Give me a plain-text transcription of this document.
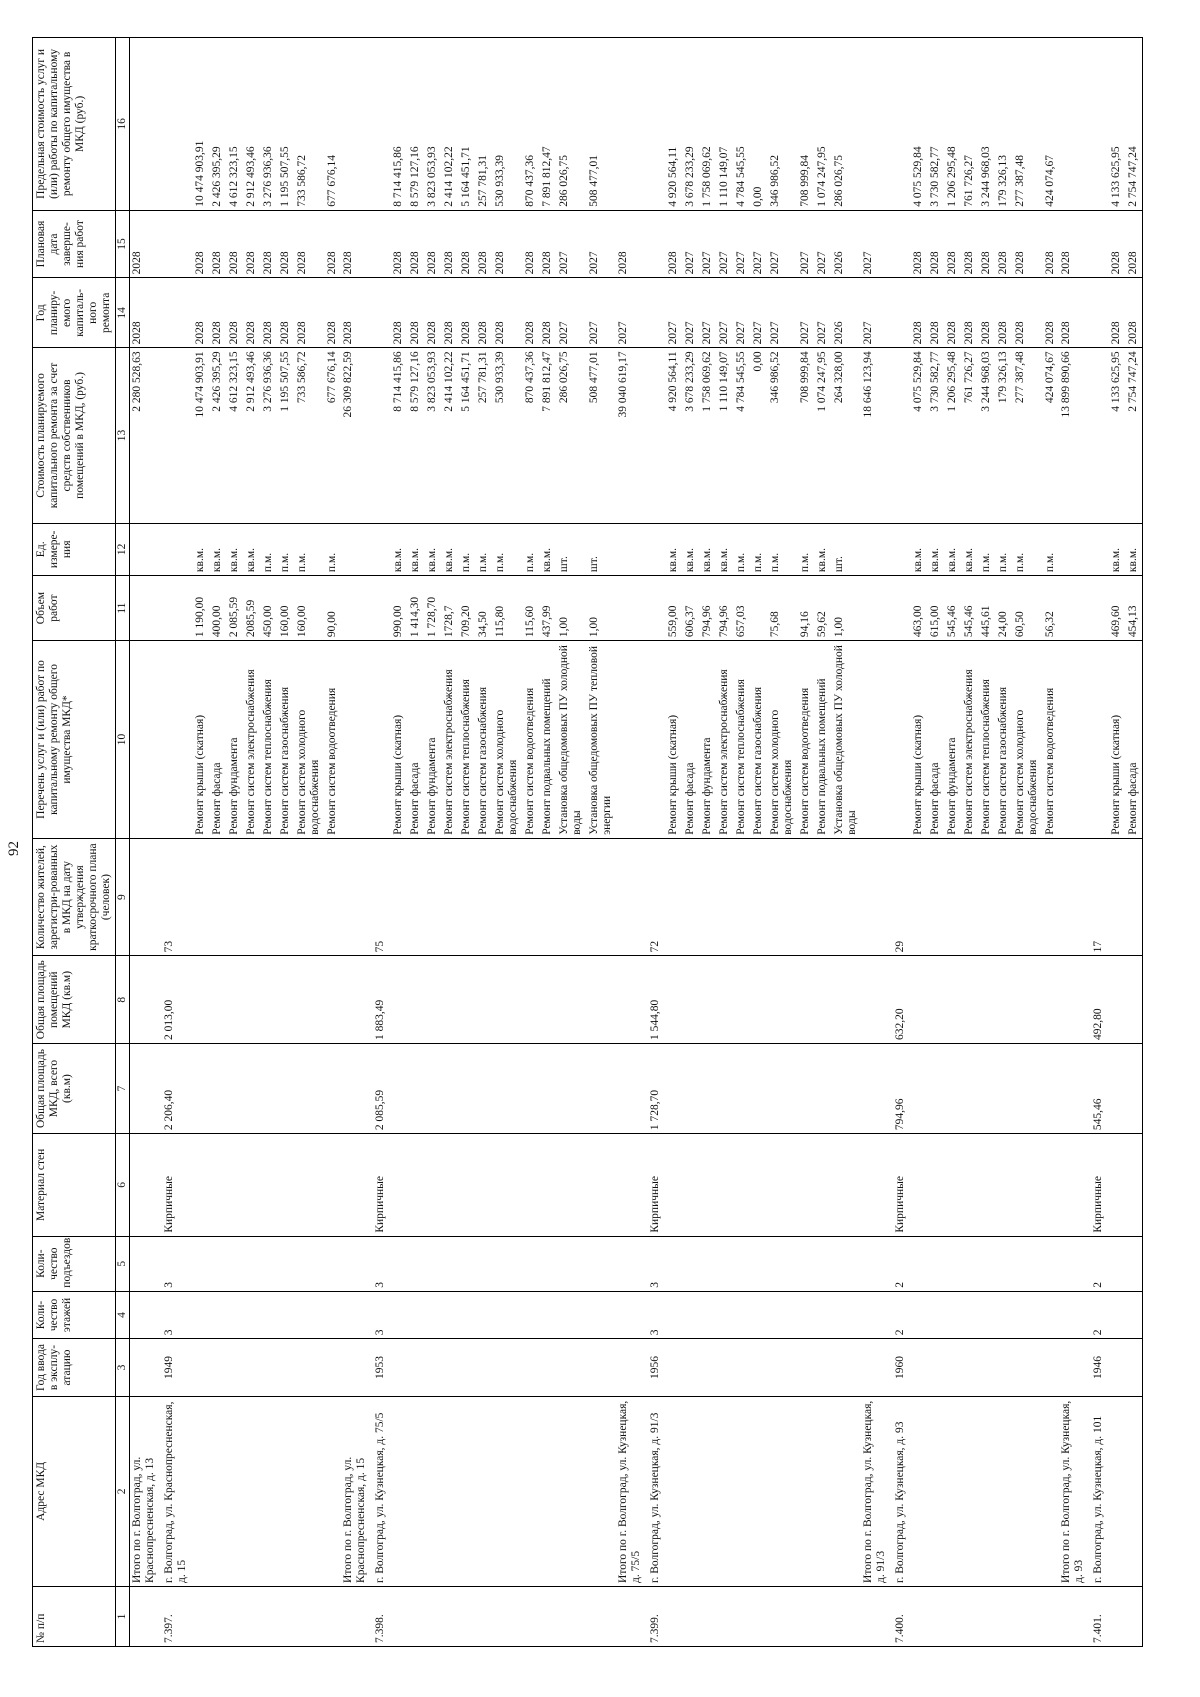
92
№ п/п	Адрес МКД	Год ввода в эксплу-атацию	Коли-чество этажей	Коли-чество подъездов	Материал стен	Общая площадь МКД, всего (кв.м)	Общая площадь помещений МКД (кв.м)	Количество жителей, зарегистри-рованных в МКД на дату утверждения краткосрочного плана (человек)	Перечень услуг и (или) работ по капитальному ремонту общего имущества МКД*	Объем работ	Ед. измере-ния	Стоимость планируемого капитального ремонта за счет средств собственников помещений в МКД, (руб.)	Год планиру-емого капиталь-ного ремонта	Плановая дата заверше-ния работ	Предельная стоимость услуг и (или) работы по капитальному ремонту общего имущества в МКД (руб.)
1	2	3	4	5	6	7	8	9	10	11	12	13	14	15	16
	Итого по г. Волгоград, ул. Краснопресненская, д. 13											2 280 528,63	2028	2028	
7.397.	г. Волгоград, ул. Краснопресненская, д. 15	1949	3	3	Кирпичные	2 206,40	2 013,00	73							
									Ремонт крыши (скатная)	1 190,00	кв.м.	10 474 903,91	2028	2028	10 474 903,91
									Ремонт фасада	400,00	кв.м.	2 426 395,29	2028	2028	2 426 395,29
									Ремонт фундамента	2 085,59	кв.м.	4 612 323,15	2028	2028	4 612 323,15
									Ремонт систем электроснабжения	2085,59	кв.м.	2 912 493,46	2028	2028	2 912 493,46
									Ремонт систем теплоснабжения	450,00	п.м.	3 276 936,36	2028	2028	3 276 936,36
									Ремонт систем газоснабжения	160,00	п.м.	1 195 507,55	2028	2028	1 195 507,55
									Ремонт систем холодного водоснабжения	160,00	п.м.	733 586,72	2028	2028	733 586,72
									Ремонт систем водоотведения	90,00	п.м.	677 676,14	2028	2028	677 676,14
	Итого по г. Волгоград, ул. Краснопресненская, д. 15											26 309 822,59	2028	2028	
7.398.	г. Волгоград, ул. Кузнецкая, д. 75/5	1953	3	3	Кирпичные	2 085,59	1 883,49	75							
									Ремонт крыши (скатная)	990,00	кв.м.	8 714 415,86	2028	2028	8 714 415,86
									Ремонт фасада	1 414,30	кв.м.	8 579 127,16	2028	2028	8 579 127,16
									Ремонт фундамента	1 728,70	кв.м.	3 823 053,93	2028	2028	3 823 053,93
									Ремонт систем электроснабжения	1728,7	кв.м.	2 414 102,22	2028	2028	2 414 102,22
									Ремонт систем теплоснабжения	709,20	п.м.	5 164 451,71	2028	2028	5 164 451,71
									Ремонт систем газоснабжения	34,50	п.м.	257 781,31	2028	2028	257 781,31
									Ремонт систем холодного водоснабжения	115,80	п.м.	530 933,39	2028	2028	530 933,39
									Ремонт систем водоотведения	115,60	п.м.	870 437,36	2028	2028	870 437,36
									Ремонт подвальных помещений	437,99	кв.м.	7 891 812,47	2028	2028	7 891 812,47
									Установка общедомовых ПУ холодной воды	1,00	шт.	286 026,75	2027	2027	286 026,75
									Установка общедомовых ПУ тепловой энергии	1,00	шт.	508 477,01	2027	2027	508 477,01
	Итого по г. Волгоград, ул. Кузнецкая, д. 75/5											39 040 619,17	2027	2028	
7.399.	г. Волгоград, ул. Кузнецкая, д. 91/3	1956	3	3	Кирпичные	1 728,70	1 544,80	72							
									Ремонт крыши (скатная)	559,00	кв.м.	4 920 564,11	2027	2028	4 920 564,11
									Ремонт фасада	606,37	кв.м.	3 678 233,29	2027	2027	3 678 233,29
									Ремонт фундамента	794,96	кв.м.	1 758 069,62	2027	2027	1 758 069,62
									Ремонт систем электроснабжения	794,96	кв.м.	1 110 149,07	2027	2027	1 110 149,07
									Ремонт систем теплоснабжения	657,03	п.м.	4 784 545,55	2027	2027	4 784 545,55
									Ремонт систем газоснабжения		п.м.	0,00	2027	2027	0,00
									Ремонт систем холодного водоснабжения	75,68	п.м.	346 986,52	2027	2027	346 986,52
									Ремонт систем водоотведения	94,16	п.м.	708 999,84	2027	2027	708 999,84
									Ремонт подвальных помещений	59,62	кв.м.	1 074 247,95	2027	2027	1 074 247,95
									Установка общедомовых ПУ холодной воды	1,00	шт.	264 328,00	2026	2026	286 026,75
	Итого по г. Волгоград, ул. Кузнецкая, д. 91/3											18 646 123,94	2027	2027	
7.400.	г. Волгоград, ул. Кузнецкая, д. 93	1960	2	2	Кирпичные	794,96	632,20	29							
									Ремонт крыши (скатная)	463,00	кв.м.	4 075 529,84	2028	2028	4 075 529,84
									Ремонт фасада	615,00	кв.м.	3 730 582,77	2028	2028	3 730 582,77
									Ремонт фундамента	545,46	кв.м.	1 206 295,48	2028	2028	1 206 295,48
									Ремонт систем электроснабжения	545,46	кв.м.	761 726,27	2028	2028	761 726,27
									Ремонт систем теплоснабжения	445,61	п.м.	3 244 968,03	2028	2028	3 244 968,03
									Ремонт систем газоснабжения	24,00	п.м.	179 326,13	2028	2028	179 326,13
									Ремонт систем холодного водоснабжения	60,50	п.м.	277 387,48	2028	2028	277 387,48
									Ремонт систем водоотведения	56,32	п.м.	424 074,67	2028	2028	424 074,67
	Итого по г. Волгоград, ул. Кузнецкая, д. 93											13 899 890,66	2028	2028	
7.401.	г. Волгоград, ул. Кузнецкая, д. 101	1946	2	2	Кирпичные	545,46	492,80	17							
									Ремонт крыши (скатная)	469,60	кв.м.	4 133 625,95	2028	2028	4 133 625,95
									Ремонт фасада	454,13	кв.м.	2 754 747,24	2028	2028	2 754 747,24
